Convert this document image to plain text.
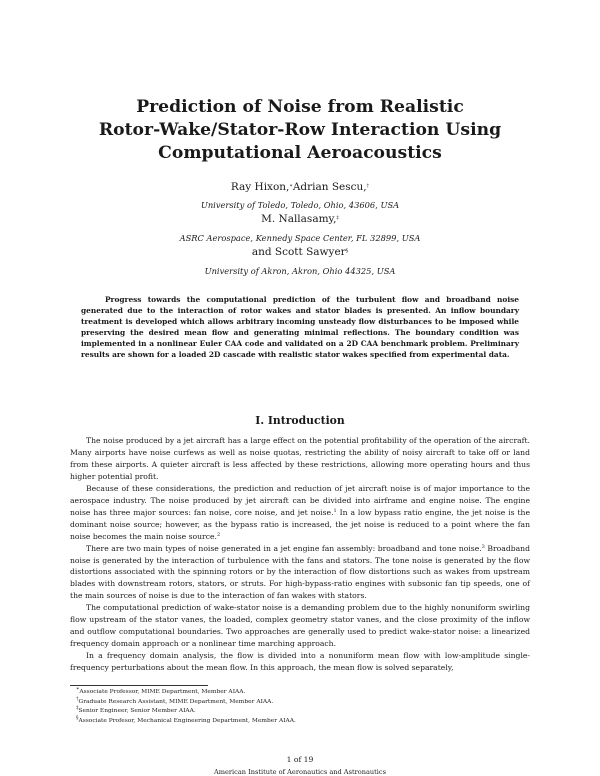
Prediction of Noise from Realistic
Rotor-Wake/Stator-Row Interaction Using
Computational Aeroacoustics
Ray Hixon,∗Adrian Sescu,†
University of Toledo, Toledo, Ohio, 43606, USA
M. Nallasamy,‡
ASRC Aerospace, Kennedy Space Center, FL 32899, USA
and Scott Sawyer§
University of Akron, Akron, Ohio 44325, USA
Progress towards the computational prediction of the turbulent flow and broadband noise generated due to the interaction of rotor wakes and stator blades is presented. An inflow boundary treatment is developed which allows arbitrary incoming unsteady flow disturbances to be imposed while preserving the desired mean flow and generating minimal reflections. The boundary condition was implemented in a nonlinear Euler CAA code and validated on a 2D CAA benchmark problem. Preliminary results are shown for a loaded 2D cascade with realistic stator wakes specified from experimental data.
I. Introduction

The noise produced by a jet aircraft has a large effect on the potential profitability of the operation of the aircraft. Many airports have noise curfews as well as noise quotas, restricting the ability of noisy aircraft to take off or land from these airports. A quieter aircraft is less affected by these restrictions, allowing more operating hours and thus higher potential profit.

Because of these considerations, the prediction and reduction of jet aircraft noise is of major importance to the aerospace industry. The noise produced by jet aircraft can be divided into airframe and engine noise. The engine noise has three major sources: fan noise, core noise, and jet noise.$^1$ In a low bypass ratio engine, the jet noise is the dominant noise source; however, as the bypass ratio is increased, the jet noise is reduced to a point where the fan noise becomes the main noise source.$^2$

There are two main types of noise generated in a jet engine fan assembly: broadband and tone noise.$^3$ Broadband noise is generated by the interaction of turbulence with the fans and stators. The tone noise is generated by the flow distortions associated with the spinning rotors or by the interaction of flow distortions such as wakes from upstream blades with downstream rotors, stators, or struts. For high-bypass-ratio engines with subsonic fan tip speeds, one of the main sources of noise is due to the interaction of fan wakes with stators.

The computational prediction of wake-stator noise is a demanding problem due to the highly nonuniform swirling flow upstream of the stator vanes, the loaded, complex geometry stator vanes, and the close proximity of the inflow and outflow computational boundaries. Two approaches are generally used to predict wake-stator noise: a linearized frequency domain approach or a nonlinear time marching approach.

In a frequency domain analysis, the flow is divided into a nonuniform mean flow with low-amplitude single-frequency perturbations about the mean flow. In this approach, the mean flow is solved separately,

∗Associate Professor, MIME Department, Member AIAA.
†Graduate Research Assistant, MIME Department, Member AIAA.
‡Senior Engineer, Senior Member AIAA.
§Associate Profesor, Mechanical Engineering Department, Member AIAA.
1 of 19
American Institute of Aeronautics and Astronautics
